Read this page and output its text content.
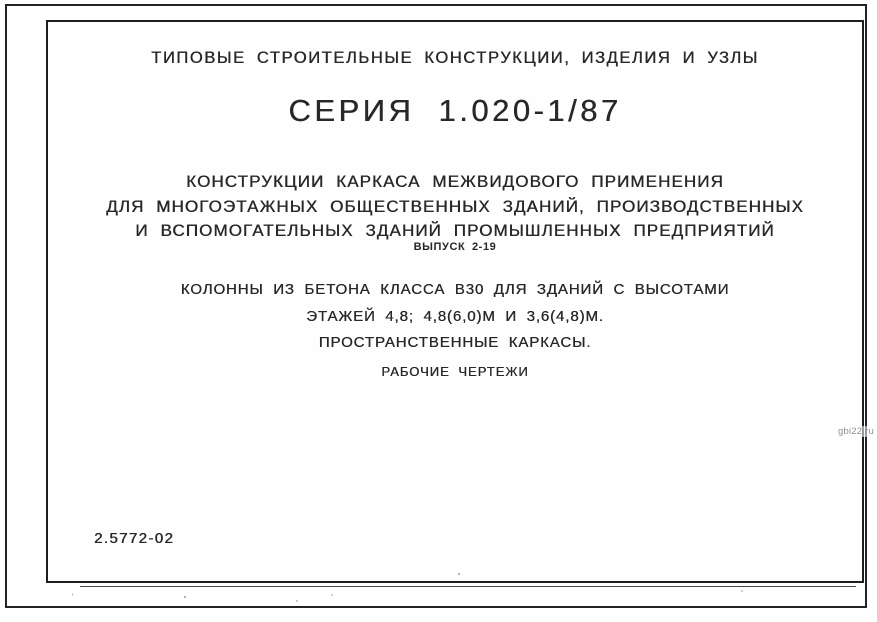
ТИПОВЫЕ СТРОИТЕЛЬНЫЕ КОНСТРУКЦИИ, ИЗДЕЛИЯ И УЗЛЫ
СЕРИЯ 1.020-1/87
КОНСТРУКЦИИ КАРКАСА МЕЖВИДОВОГО ПРИМЕНЕНИЯ
ДЛЯ МНОГОЭТАЖНЫХ ОБЩЕСТВЕННЫХ ЗДАНИЙ, ПРОИЗВОДСТВЕННЫХ
И ВСПОМОГАТЕЛЬНЫХ ЗДАНИЙ ПРОМЫШЛЕННЫХ ПРЕДПРИЯТИЙ
ВЫПУСК 2-19
КОЛОННЫ ИЗ БЕТОНА КЛАССА В30 ДЛЯ ЗДАНИЙ С ВЫСОТАМИ
ЭТАЖЕЙ 4,8; 4,8(6,0)М И 3,6(4,8)М.
ПРОСТРАНСТВЕННЫЕ КАРКАСЫ.
РАБОЧИЕ ЧЕРТЕЖИ
2.5772-02
gbi22.ru
